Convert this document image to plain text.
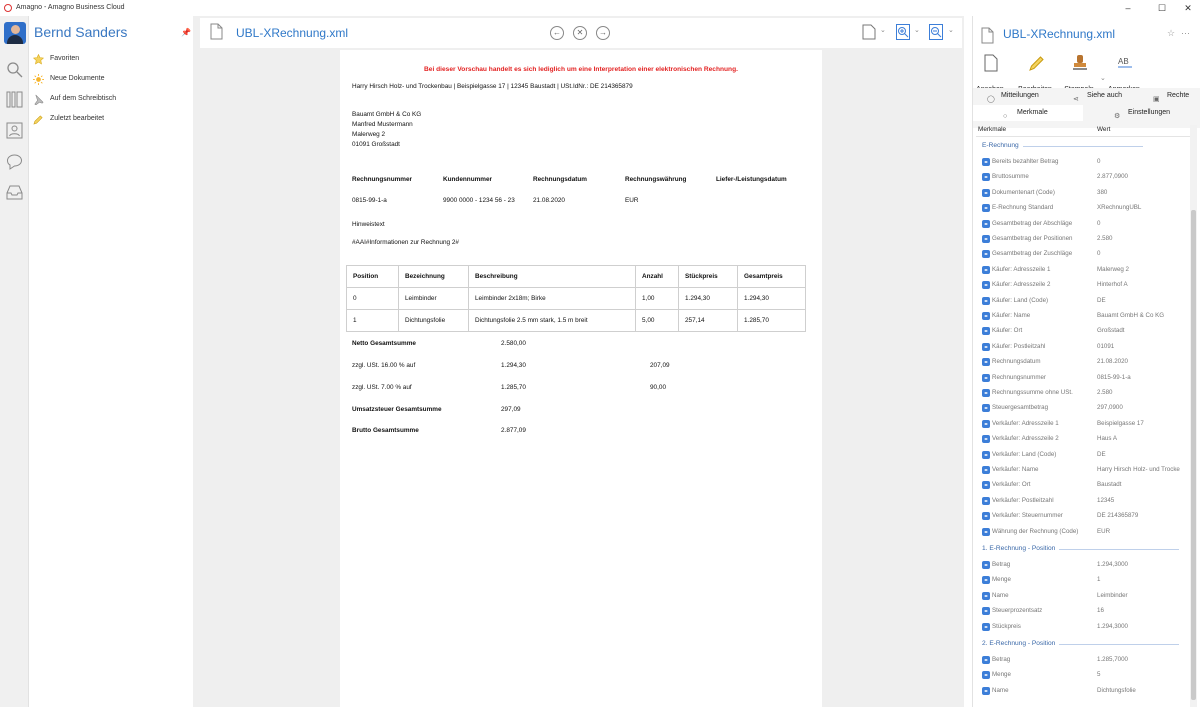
Amagno - Amagno Business Cloud	–	☐	✕
Bernd Sanders	📌
Favoriten
Neue Dokumente
Auf dem Schreibtisch
Zuletzt bearbeitet
UBL-XRechnung.xml	←	✕	→	⌄	⌄	⌄
Bei dieser Vorschau handelt es sich lediglich um eine Interpretation einer elektronischen Rechnung.
Harry Hirsch Holz- und Trockenbau | Beispielgasse 17 | 12345 Baustadt | USt.IdNr.: DE 214365879
Bauamt GmbH & Co KG
Manfred Mustermann
Malerweg 2
01091 Großstadt
Rechnungsnummer	Kundennummer	Rechnungsdatum	Rechnungswährung	Liefer-/Leistungsdatum
0815-99-1-a	9900 0000 - 1234 56 - 23	21.08.2020	EUR
Hinweistext
#AAI#Informationen zur Rechnung 2#
Position	Bezeichnung	Beschreibung	Anzahl	Stückpreis	Gesamtpreis
0	Leimbinder	Leimbinder 2x18m; Birke	1,00	1.294,30	1.294,30
1	Dichtungsfolie	Dichtungsfolie 2.5 mm stark, 1.5 m breit	5,00	257,14	1.285,70
Netto Gesamtsumme	2.580,00
zzgl. USt. 16.00 % auf	1.294,30	207,09
zzgl. USt. 7.00 % auf	1.285,70	90,00
Umsatzsteuer Gesamtsumme	297,09
Brutto Gesamtsumme	2.877,09
UBL-XRechnung.xml	☆ ⋯
⌄
AB
◯
Mitteilungen
⋖
Siehe auch
▣
Rechte
○
Merkmale
⚙
Einstellungen
Merkmale	Wert
E-Rechnung
◂▸ Bereits bezahlter Betrag	0
◂▸ Bruttosumme	2.877,0900
◂▸ Dokumentenart (Code)	380
◂▸ E-Rechnung Standard	XRechnungUBL
◂▸ Gesamtbetrag der Abschläge	0
◂▸ Gesamtbetrag der Positionen	2.580
◂▸ Gesamtbetrag der Zuschläge	0
◂▸ Käufer: Adresszeile 1	Malerweg 2
◂▸ Käufer: Adresszeile 2	Hinterhof A
◂▸ Käufer: Land (Code)	DE
◂▸ Käufer: Name	Bauamt GmbH & Co KG
◂▸ Käufer: Ort	Großstadt
◂▸ Käufer: Postleitzahl	01091
◂▸ Rechnungsdatum	21.08.2020
◂▸ Rechnungsnummer	0815-99-1-a
◂▸ Rechnungssumme ohne USt.	2.580
◂▸ Steuergesamtbetrag	297,0900
◂▸ Verkäufer: Adresszeile 1	Beispielgasse 17
◂▸ Verkäufer: Adresszeile 2	Haus A
◂▸ Verkäufer: Land (Code)	DE
◂▸ Verkäufer: Name	Harry Hirsch Holz- und Trocke
◂▸ Verkäufer: Ort	Baustadt
◂▸ Verkäufer: Postleitzahl	12345
◂▸ Verkäufer: Steuernummer	DE 214365879
◂▸ Währung der Rechnung (Code)	EUR
1. E-Rechnung - Position
◂▸ Betrag	1.294,3000
◂▸ Menge	1
◂▸ Name	Leimbinder
◂▸ Steuerprozentsatz	16
◂▸ Stückpreis	1.294,3000
2. E-Rechnung - Position
◂▸ Betrag	1.285,7000
◂▸ Menge	5
◂▸ Name	Dichtungsfolie
